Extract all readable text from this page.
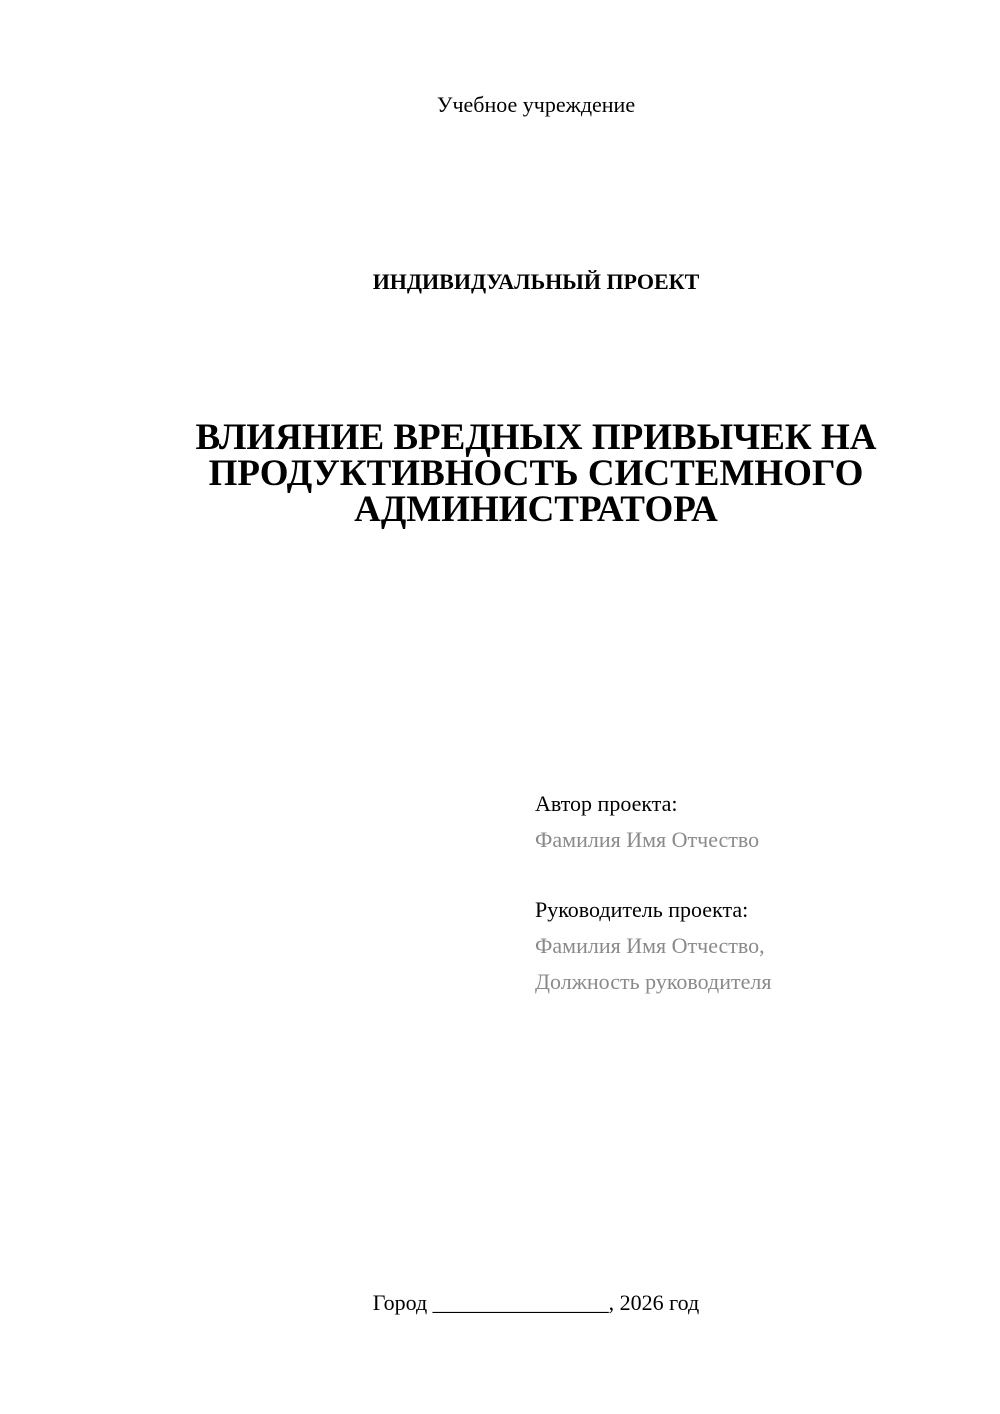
Учебное учреждение
ИНДИВИДУАЛЬНЫЙ ПРОЕКТ
ВЛИЯНИЕ ВРЕДНЫХ ПРИВЫЧЕК НА
ПРОДУКТИВНОСТЬ СИСТЕМНОГО
АДМИНИСТРАТОРА
Автор проекта:
Фамилия Имя Отчество
Руководитель проекта:
Фамилия Имя Отчество,
Должность руководителя
Город ________________, 2026 год
